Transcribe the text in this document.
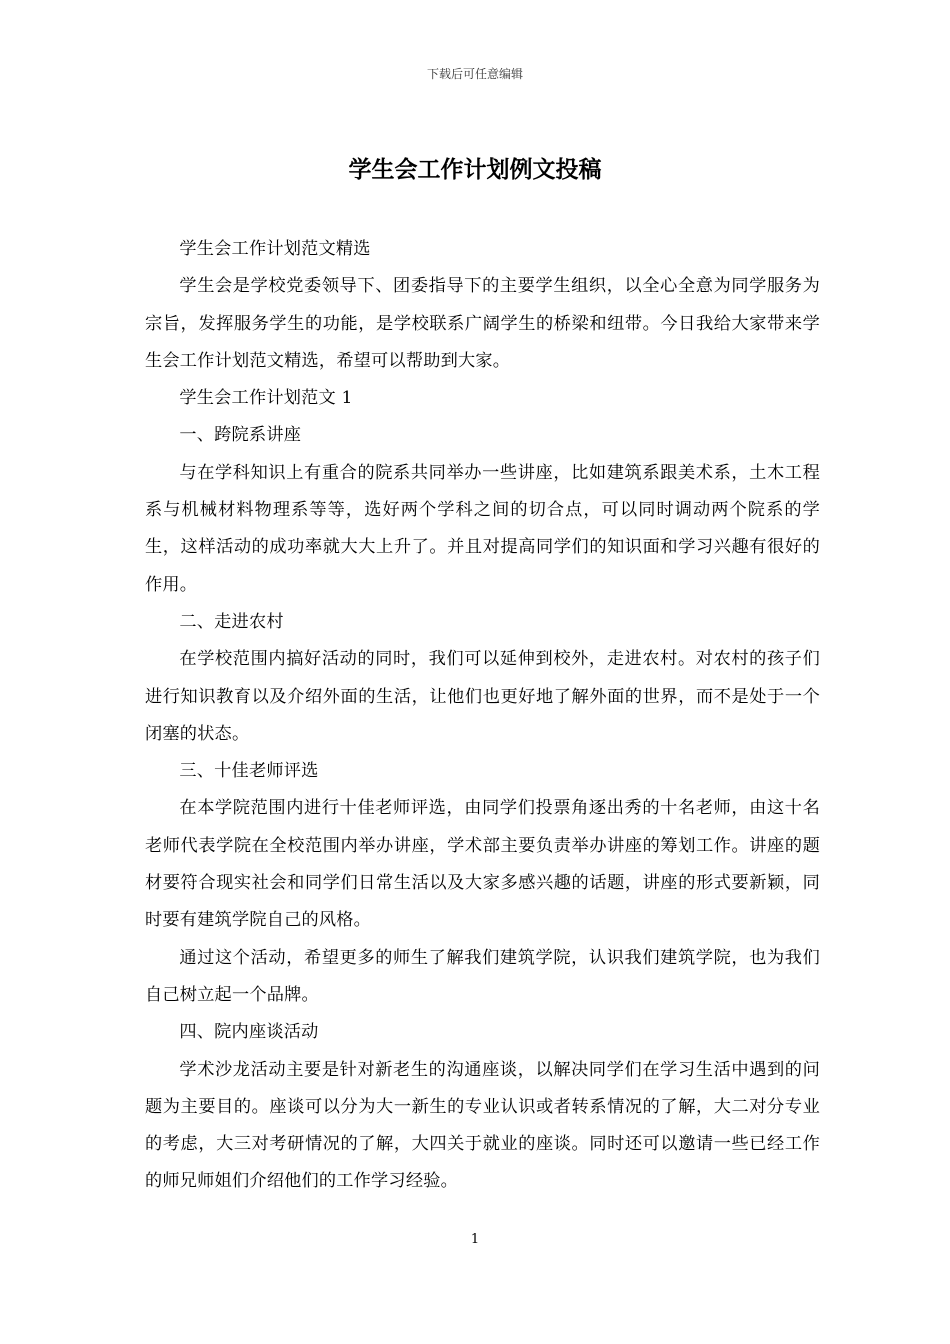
下载后可任意编辑
学生会工作计划例文投稿

学生会工作计划范文精选

学生会是学校党委领导下、团委指导下的主要学生组织，以全心全意为同学服务为宗旨，发挥服务学生的功能，是学校联系广阔学生的桥梁和纽带。今日我给大家带来学生会工作计划范文精选，希望可以帮助到大家。

学生会工作计划范文 1

一、跨院系讲座

与在学科知识上有重合的院系共同举办一些讲座，比如建筑系跟美术系，土木工程系与机械材料物理系等等，选好两个学科之间的切合点，可以同时调动两个院系的学生，这样活动的成功率就大大上升了。并且对提高同学们的知识面和学习兴趣有很好的作用。

二、走进农村

在学校范围内搞好活动的同时，我们可以延伸到校外，走进农村。对农村的孩子们进行知识教育以及介绍外面的生活，让他们也更好地了解外面的世界，而不是处于一个闭塞的状态。

三、十佳老师评选

在本学院范围内进行十佳老师评选，由同学们投票角逐出秀的十名老师，由这十名老师代表学院在全校范围内举办讲座，学术部主要负责举办讲座的筹划工作。讲座的题材要符合现实社会和同学们日常生活以及大家多感兴趣的话题，讲座的形式要新颖，同时要有建筑学院自己的风格。

通过这个活动，希望更多的师生了解我们建筑学院，认识我们建筑学院，也为我们自己树立起一个品牌。

四、院内座谈活动

学术沙龙活动主要是针对新老生的沟通座谈，以解决同学们在学习生活中遇到的问题为主要目的。座谈可以分为大一新生的专业认识或者转系情况的了解，大二对分专业的考虑，大三对考研情况的了解，大四关于就业的座谈。同时还可以邀请一些已经工作的师兄师姐们介绍他们的工作学习经验。

1
